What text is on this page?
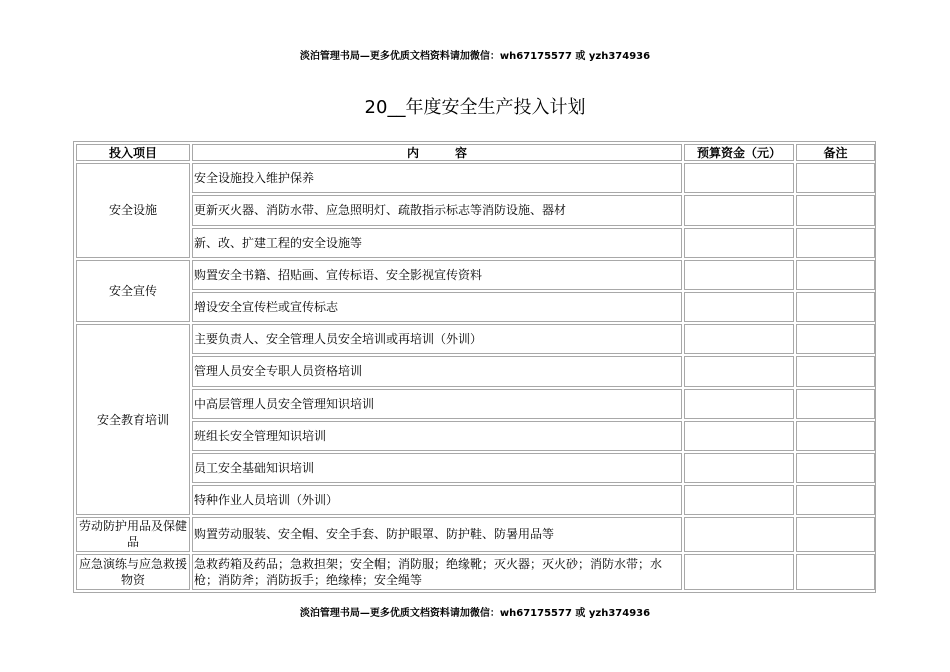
淡泊管理书局—更多优质文档资料请加微信：wh67175577 或 yzh374936
20__年度安全生产投入计划
投入项目	内　　　容	预算资金（元）	备注
安全设施	安全设施投入维护保养		
	更新灭火器、消防水带、应急照明灯、疏散指示标志等消防设施、器材		
	新、改、扩建工程的安全设施等		
安全宣传	购置安全书籍、招贴画、宣传标语、安全影视宣传资料		
	增设安全宣传栏或宣传标志		
安全教育培训	主要负责人、安全管理人员安全培训或再培训（外训）		
	管理人员安全专职人员资格培训		
	中高层管理人员安全管理知识培训		
	班组长安全管理知识培训		
	员工安全基础知识培训		
	特种作业人员培训（外训）		
劳动防护用品及保健品	购置劳动服装、安全帽、安全手套、防护眼罩、防护鞋、防暑用品等		
应急演练与应急救援物资	急救药箱及药品；急救担架；安全帽；消防服；绝缘靴；灭火器；灭火砂；消防水带；水枪；消防斧；消防扳手；绝缘棒；安全绳等		
淡泊管理书局—更多优质文档资料请加微信：wh67175577 或 yzh374936
